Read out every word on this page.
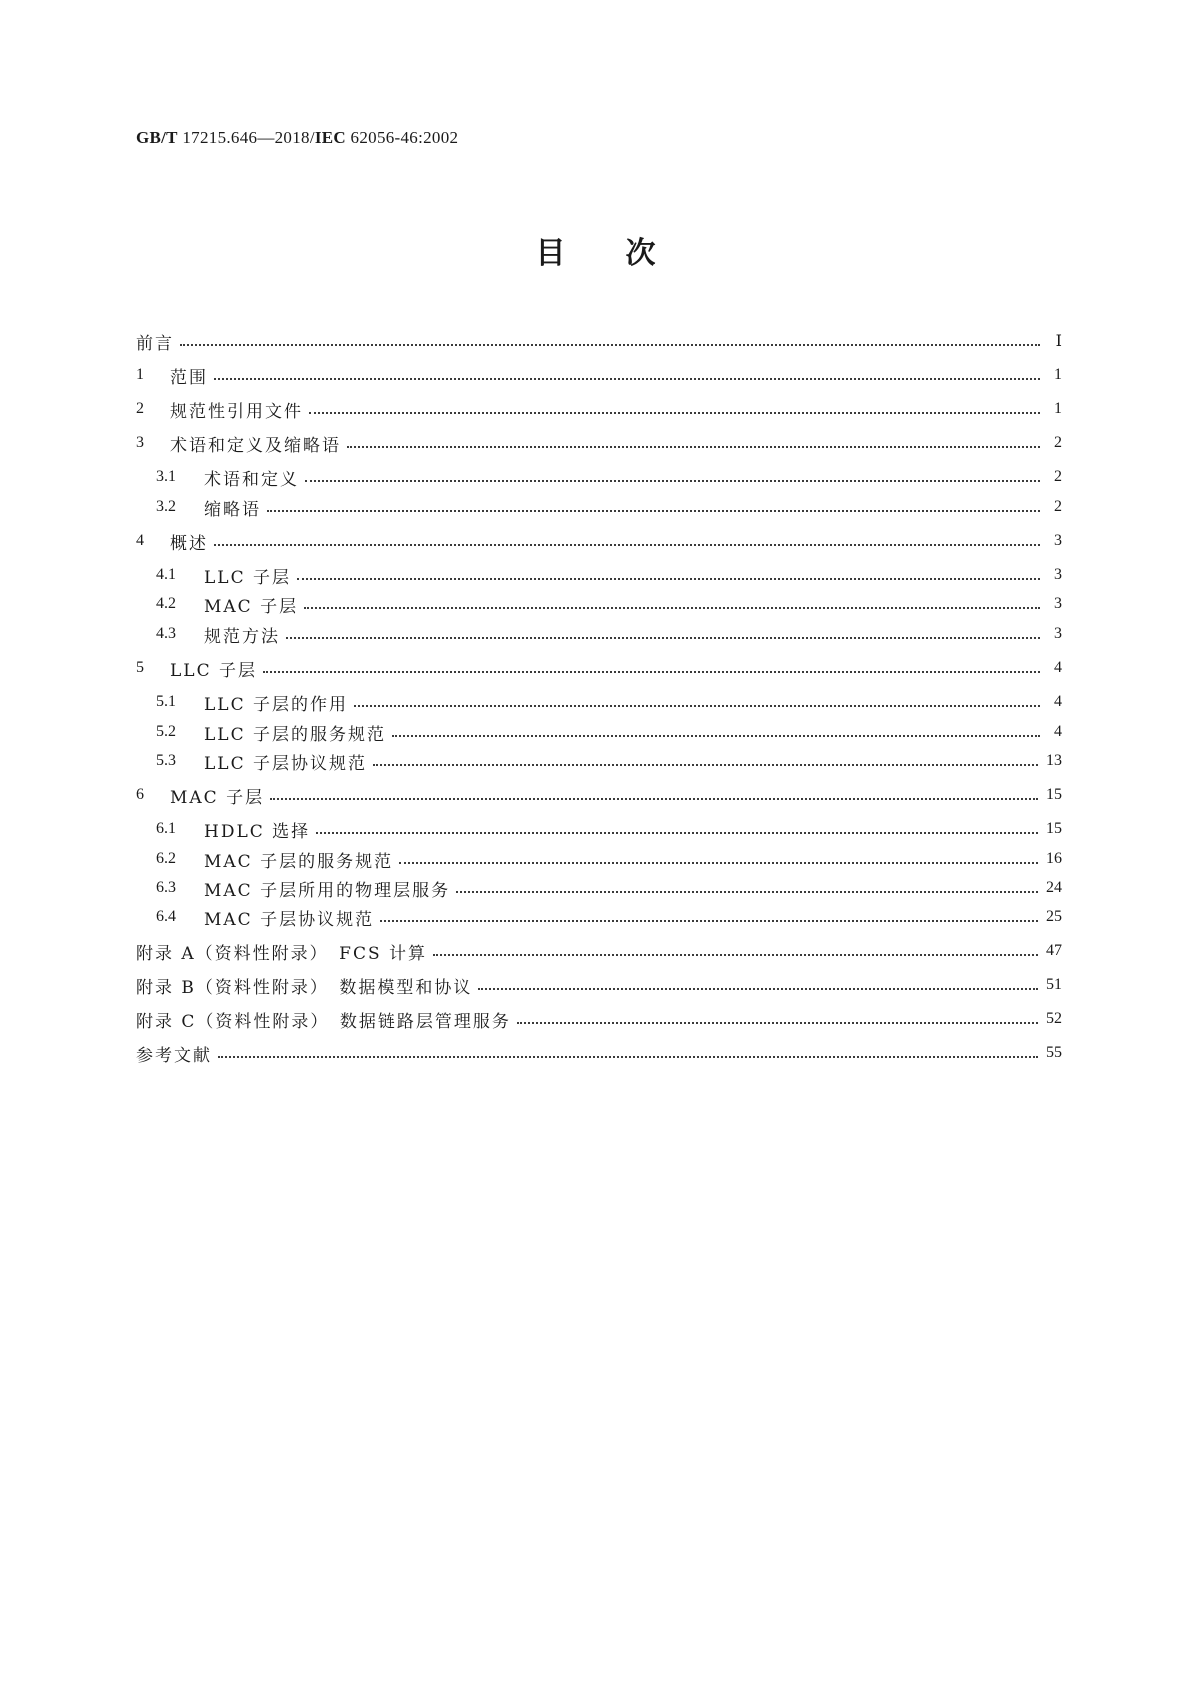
GB/T 17215.646—2018/IEC 62056-46:2002
目次
前言	Ⅰ
1	范围	1
2	规范性引用文件	1
3	术语和定义及缩略语	2
3.1	术语和定义	2
3.2	缩略语	2
4	概述	3
4.1	LLC 子层	3
4.2	MAC 子层	3
4.3	规范方法	3
5	LLC 子层	4
5.1	LLC 子层的作用	4
5.2	LLC 子层的服务规范	4
5.3	LLC 子层协议规范	13
6	MAC 子层	15
6.1	HDLC 选择	15
6.2	MAC 子层的服务规范	16
6.3	MAC 子层所用的物理层服务	24
6.4	MAC 子层协议规范	25
附录 A（资料性附录）　FCS 计算	47
附录 B（资料性附录）　数据模型和协议	51
附录 C（资料性附录）　数据链路层管理服务	52
参考文献	55
